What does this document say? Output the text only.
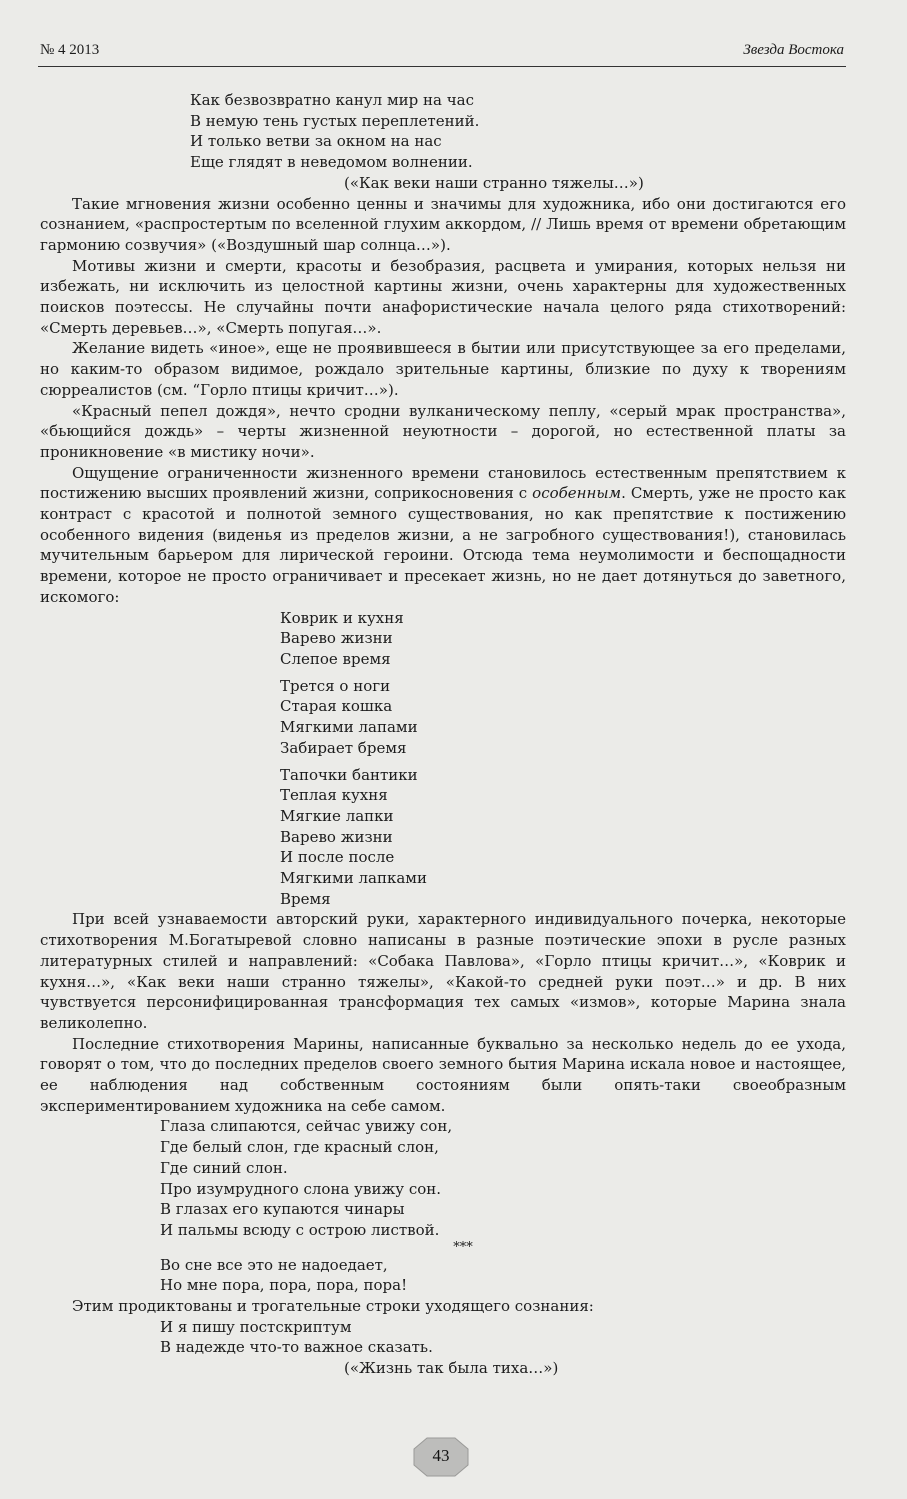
№ 4 2013	Звезда Востока
Как безвозвратно канул мир на час
В немую тень густых переплетений.
И только ветви за окном на нас
Еще глядят в неведомом волнении.
(«Как веки наши странно тяжелы…»)

Такие мгновения жизни особенно ценны и значимы для художника, ибо они достигаются его сознанием, «распростертым по вселенной глухим аккордом, // Лишь время от времени обретающим гармонию созвучия» («Воздушный шар солнца…»).

Мотивы жизни и смерти, красоты и безобразия, расцвета и умирания, которых нельзя ни избежать, ни исключить из целостной картины жизни, очень характерны для художественных поисков поэтессы. Не случайны почти анафористические начала целого ряда стихотворений: «Смерть деревьев…», «Смерть попугая…».

Желание видеть «иное», еще не проявившееся в бытии или присутствующее за его пределами, но каким-то образом видимое, рождало зрительные картины, близкие по духу к творениям сюрреалистов (см. “Горло птицы кричит…»).

«Красный пепел дождя», нечто сродни вулканическому пеплу, «серый мрак пространства», «бьющийся дождь» – черты жизненной неуютности – дорогой, но естественной платы за проникновение «в мистику ночи».

Ощущение ограниченности жизненного времени становилось естественным препятствием к постижению высших проявлений жизни, соприкосновения с особенным. Смерть, уже не просто как контраст с красотой и полнотой земного существования, но как препятствие к постижению особенного видения (виденья из пределов жизни, а не загробного существования!), становилась мучительным барьером для лирической героини. Отсюда тема неумолимости и беспощадности времени, которое не просто ограничивает и пресекает жизнь, но не дает дотянуться до заветного, искомого:

Коврик и кухня
Варево жизни
Слепое время
Трется о ноги
Старая кошка
Мягкими лапами
Забирает бремя
Тапочки бантики
Теплая кухня
Мягкие лапки
Варево жизни
И после после
Мягкими лапками
Время

При всей узнаваемости авторский руки, характерного индивидуального почерка, некоторые стихотворения М.Богатыревой словно написаны в разные поэтические эпохи в русле разных литературных стилей и направлений: «Собака Павлова», «Горло птицы кричит…», «Коврик и кухня…», «Как веки наши странно тяжелы», «Какой-то средней руки поэт…» и др. В них чувствуется персонифицированная трансформация тех самых «измов», которые Марина знала великолепно.

Последние стихотворения Марины, написанные буквально за несколько недель до ее ухода, говорят о том, что до последних пределов своего земного бытия Марина искала новое и настоящее, ее наблюдения над собственным состояниям были опять-таки своеобразным экспериментированием художника на себе самом.

Глаза слипаются, сейчас увижу сон,
Где белый слон, где красный слон,
Где синий слон.
Про изумрудного слона увижу сон.
В глазах его купаются чинары
И пальмы всюду с острою листвой.
***
Во сне все это не надоедает,
Но мне пора, пора, пора, пора!

Этим продиктованы и трогательные строки уходящего сознания:

И я пишу постскриптум
В надежде что-то важное сказать.
(«Жизнь так была тиха…»)
43
